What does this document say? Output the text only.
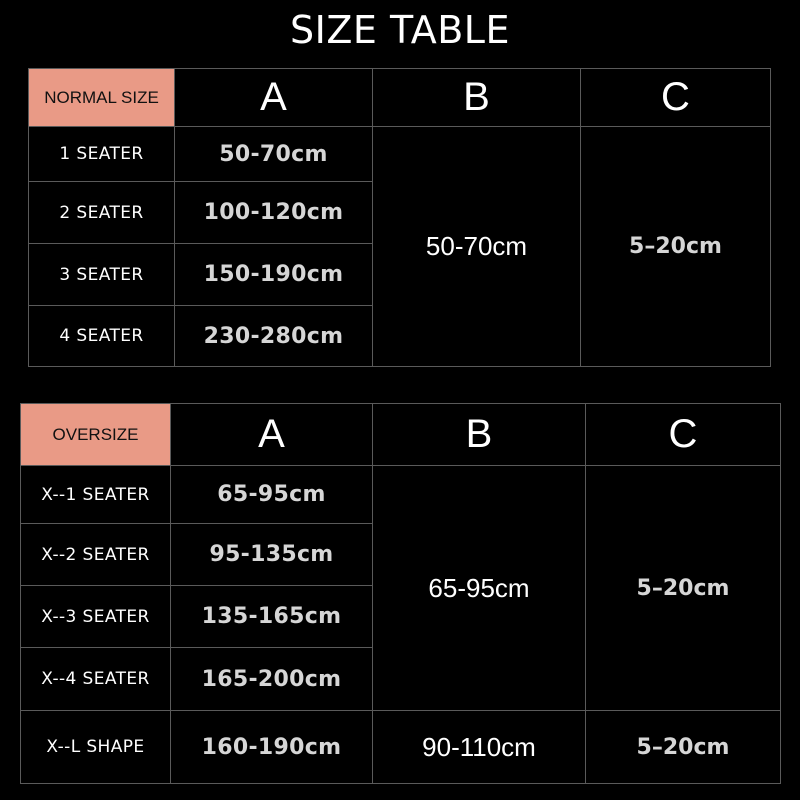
SIZE TABLE
NORMAL SIZE	A	B	C
1 SEATER	50-70cm	50-70cm	5–20cm
2 SEATER	100-120cm		
3 SEATER	150-190cm		
4 SEATER	230-280cm		
OVERSIZE	A	B	C
X--1 SEATER	65-95cm	65-95cm	5–20cm
X--2 SEATER	95-135cm		
X--3 SEATER	135-165cm		
X--4 SEATER	165-200cm		
X--L SHAPE	160-190cm	90-110cm	5–20cm
